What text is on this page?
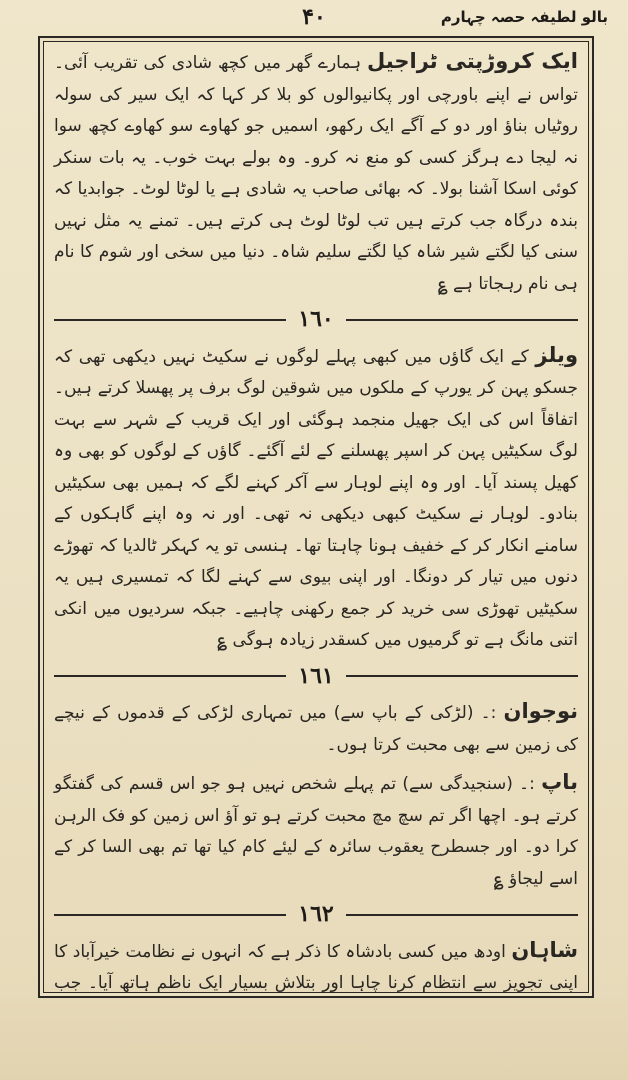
بالو لطیفہ حصہ چہارم
۴۰

ایک کروڑپتی ٹراجیل ہمارے گھر میں کچھ شادی کی تقریب آئی۔ تواس نے اپنے باورچی اور پکانیوالوں کو بلا کر کہا کہ ایک سیر کی سولہ روٹیاں بناؤ اور دو کے آگے ایک رکھو، اسمیں جو کھاوے سو کھاوے کچھ سوا نہ لیجا دے ہرگز کسی کو منع نہ کرو۔ وہ بولے بہت خوب۔ یہ بات سنکر کوئی اسکا آشنا بولا۔ کہ بھائی صاحب یہ شادی ہے یا لوٹا لوٹ۔ جوابدیا کہ بندہ درگاہ جب کرتے ہیں تب لوٹا لوٹ ہی کرتے ہیں۔ تمنے یہ مثل نہیں سنی کیا لگتے شیر شاہ کیا لگتے سلیم شاہ۔ دنیا میں سخی اور شوم کا نام ہی نام رہجاتا ہے ؏

١٦٠

ویلز کے ایک گاؤں میں کبھی پہلے لوگوں نے سکیٹ نہیں دیکھی تھی کہ جسکو پہن کر یورپ کے ملکوں میں شوقین لوگ برف پر پھسلا کرتے ہیں۔ اتفاقاً اس کی ایک جھیل منجمد ہوگئی اور ایک قریب کے شہر سے بہت لوگ سکیٹیں پہن کر اسپر پھسلنے کے لئے آگئے۔ گاؤں کے لوگوں کو بھی وہ کھیل پسند آیا۔ اور وہ اپنے لوہار سے آکر کہنے لگے کہ ہمیں بھی سکیٹیں بنادو۔ لوہار نے سکیٹ کبھی دیکھی نہ تھی۔ اور نہ وہ اپنے گاہکوں کے سامنے انکار کر کے خفیف ہونا چاہتا تھا۔ ہنسی تو یہ کہکر ٹالدیا کہ تھوڑے دنوں میں تیار کر دونگا۔ اور اپنی بیوی سے کہنے لگا کہ تمسیری ہیں یہ سکیٹیں تھوڑی سی خرید کر جمع رکھنی چاہیے۔ جبکہ سردیوں میں انکی اتنی مانگ ہے تو گرمیوں میں کسقدر زیادہ ہوگی ؏

١٦١

نوجوان :۔ (لڑکی کے باپ سے) میں تمہاری لڑکی کے قدموں کے نیچے کی زمین سے بھی محبت کرتا ہوں۔

باپ :۔ (سنجیدگی سے) تم پہلے شخص نہیں ہو جو اس قسم کی گفتگو کرتے ہو۔ اچھا اگر تم سچ مچ محبت کرتے ہو تو آؤ اس زمین کو فک الرہن کرا دو۔ اور جسطرح یعقوب سائرہ کے لیئے کام کیا تھا تم بھی السا کر کے اسے لیجاؤ ؏

١٦٢

شاہان اودھ میں کسی بادشاہ کا ذکر ہے کہ انہوں نے نظامت خیرآباد کا اپنی تجویز سے انتظام کرنا چاہا اور بتلاش بسیار ایک ناظم ہاتھ آیا۔ جب
